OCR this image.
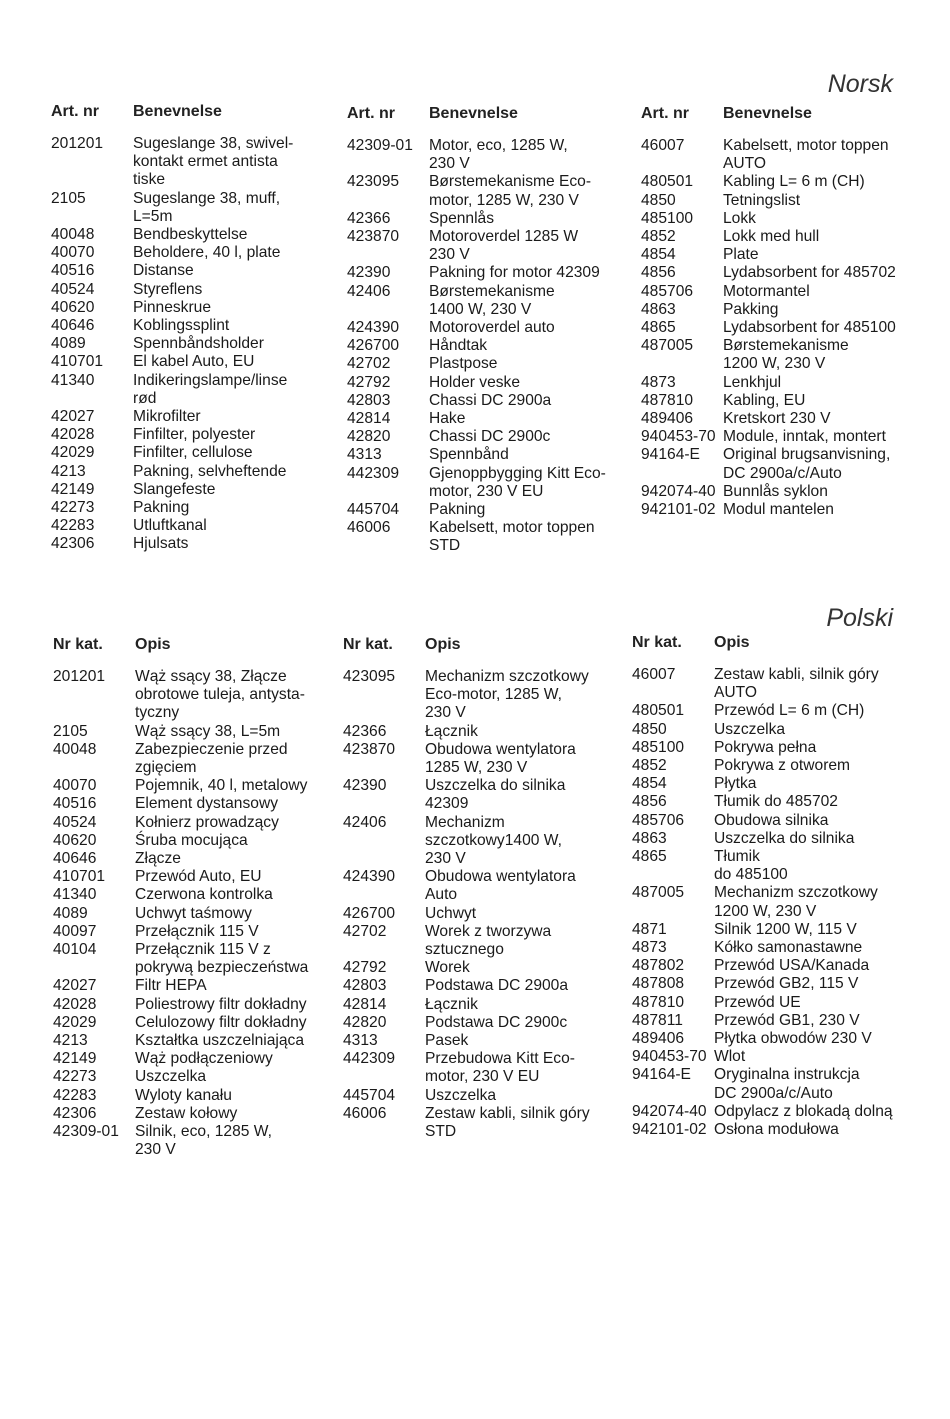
Norsk
Art. nr Benevnelse
201201	Sugeslange 38, swivel-
kontakt ermet antista
tiske
2105	Sugeslange 38, muff,
L=5m
40048	Bendbeskyttelse
40070	Beholdere, 40 l, plate
40516	Distanse
40524	Styreflens
40620	Pinneskrue
40646	Koblingssplint
4089	Spennbåndsholder
410701	El kabel Auto, EU
41340	Indikeringslampe/linse
rød
42027	Mikrofilter
42028	Finfilter, polyester
42029	Finfilter, cellulose
4213	Pakning, selvheftende
42149	Slangefeste
42273	Pakning
42283	Utluftkanal
42306	Hjulsats
Art. nr Benevnelse
42309-01	Motor, eco, 1285 W,
230 V
423095	Børstemekanisme Eco-
motor, 1285 W, 230 V
42366	Spennlås
423870	Motoroverdel 1285 W
230 V
42390	Pakning for motor 42309
42406	Børstemekanisme
1400 W, 230 V
424390	Motoroverdel auto
426700	Håndtak
42702	Plastpose
42792	Holder veske
42803	Chassi DC 2900a
42814	Hake
42820	Chassi DC 2900c
4313	Spennbånd
442309	Gjenoppbygging Kitt Eco-
motor, 230 V EU
445704	Pakning
46006	Kabelsett, motor toppen
STD
Art. nr Benevnelse
46007	Kabelsett, motor toppen
AUTO
480501	Kabling L= 6 m (CH)
4850	Tetningslist
485100	Lokk
4852	Lokk med hull
4854	Plate
4856	Lydabsorbent for 485702
485706	Motormantel
4863	Pakking
4865	Lydabsorbent for 485100
487005	Børstemekanisme
1200 W, 230 V
4873	Lenkhjul
487810	Kabling, EU
489406	Kretskort 230 V
940453-70 Module, inntak, montert
94164-E	Original brugsanvisning,
DC 2900a/c/Auto
942074-40 Bunnlås syklon
942101-02 Modul mantelen
Polski
Nr kat. Opis
201201	Wąż ssący 38, Złącze
obrotowe tuleja, antysta-
tyczny
2105	Wąż ssący 38, L=5m
40048	Zabezpieczenie przed
zgięciem
40070	Pojemnik, 40 l, metalowy
40516	Element dystansowy
40524	Kołnierz prowadzący
40620	Śruba mocująca
40646	Złącze
410701	Przewód Auto, EU
41340	Czerwona kontrolka
4089	Uchwyt taśmowy
40097	Przełącznik 115 V
40104	Przełącznik 115 V z
pokrywą bezpieczeństwa
42027	Filtr HEPA
42028	Poliestrowy filtr dokładny
42029	Celulozowy filtr dokładny
4213	Kształtka uszczelniająca
42149	Wąż podłączeniowy
42273	Uszczelka
42283	Wyloty kanału
42306	Zestaw kołowy
42309-01	Silnik, eco, 1285 W,
230 V
Nr kat. Opis
423095	Mechanizm szczotkowy
Eco-motor, 1285 W,
230 V
42366	Łącznik
423870	Obudowa wentylatora
1285 W, 230 V
42390	Uszczelka do silnika
42309
42406	Mechanizm
szczotkowy1400 W,
230 V
424390	Obudowa wentylatora
Auto
426700	Uchwyt
42702	Worek z tworzywa
sztucznego
42792	Worek
42803	Podstawa DC 2900a
42814	Łącznik
42820	Podstawa DC 2900c
4313	Pasek
442309	Przebudowa Kitt Eco-
motor, 230 V EU
445704	Uszczelka
46006	Zestaw kabli, silnik góry
STD
Nr kat. Opis
46007	Zestaw kabli, silnik góry
AUTO
480501	Przewód L= 6 m (CH)
4850	Uszczelka
485100	Pokrywa pełna
4852	Pokrywa z otworem
4854	Płytka
4856	Tłumik do 485702
485706	Obudowa silnika
4863	Uszczelka do silnika
4865	Tłumik
do 485100
487005	Mechanizm szczotkowy
1200 W, 230 V
4871	Silnik 1200 W, 115 V
4873	Kółko samonastawne
487802	Przewód USA/Kanada
487808	Przewód GB2, 115 V
487810	Przewód UE
487811	Przewód GB1, 230 V
489406	Płytka obwodów 230 V
940453-70 Wlot
94164-E	Oryginalna instrukcja
DC 2900a/c/Auto
942074-40 Odpylacz z blokadą dolną
942101-02 Osłona modułowa
